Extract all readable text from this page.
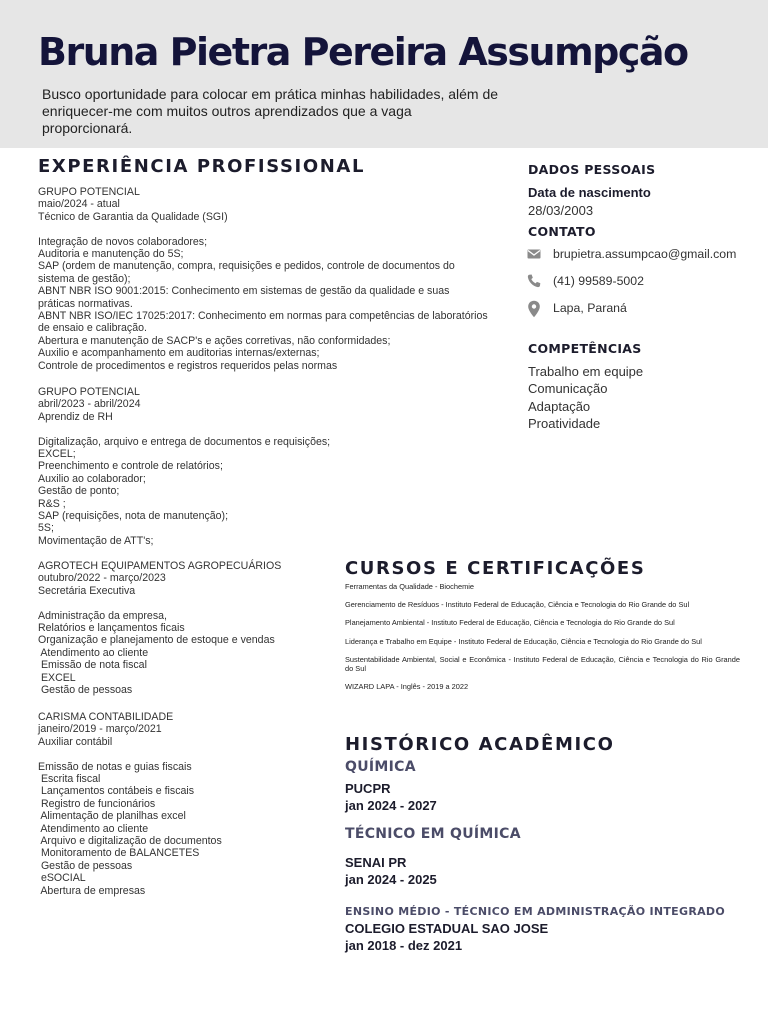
Bruna Pietra Pereira Assumpção
Busco oportunidade para colocar em prática minhas habilidades, além de enriquecer-me com muitos outros aprendizados que a vaga proporcionará.
EXPERIÊNCIA PROFISSIONAL
GRUPO POTENCIAL
maio/2024 - atual
Técnico de Garantia da Qualidade (SGI)
Integração de novos colaboradores;
Auditoria e manutenção do 5S;
SAP (ordem de manutenção, compra, requisições e pedidos, controle de documentos do sistema de gestão);
ABNT NBR ISO 9001:2015: Conhecimento em sistemas de gestão da qualidade e suas práticas normativas.
ABNT NBR ISO/IEC 17025:2017: Conhecimento em normas para competências de laboratórios de ensaio e calibração.
Abertura e manutenção de SACP's e ações corretivas, não conformidades;
Auxilio e acompanhamento em auditorias internas/externas;
Controle de procedimentos e registros requeridos pelas normas
GRUPO POTENCIAL
abril/2023 - abril/2024
Aprendiz de RH
Digitalização, arquivo e entrega de documentos e requisições;
EXCEL;
Preenchimento e controle de relatórios;
Auxilio ao colaborador;
Gestão de ponto;
R&S ;
SAP (requisições, nota de manutenção);
5S;
Movimentação de ATT's;
AGROTECH EQUIPAMENTOS AGROPECUÁRIOS
outubro/2022 - março/2023
Secretária Executiva
Administração da empresa,
Relatórios e lançamentos ficais
Organização e planejamento de estoque e vendas
Atendimento ao cliente
Emissão de nota fiscal
EXCEL
Gestão de pessoas
CARISMA CONTABILIDADE
janeiro/2019 - março/2021
Auxiliar contábil
Emissão de notas e guias fiscais
Escrita fiscal
Lançamentos contábeis e fiscais
Registro de funcionários
Alimentação de planilhas excel
Atendimento ao cliente
Arquivo e digitalização de documentos
Monitoramento de BALANCETES
Gestão de pessoas
eSOCIAL
Abertura de empresas
DADOS PESSOAIS
Data de nascimento
28/03/2003
CONTATO
brupietra.assumpcao@gmail.com
(41) 99589-5002
Lapa, Paraná
COMPETÊNCIAS
Trabalho em equipe
Comunicação
Adaptação
Proatividade
CURSOS E CERTIFICAÇÕES
Ferramentas da Qualidade - Biochemie
Gerenciamento de Resíduos - Instituto Federal de Educação, Ciência e Tecnologia do Rio Grande do Sul
Planejamento Ambiental - Instituto Federal de Educação, Ciência e Tecnologia do Rio Grande do Sul
Liderança e Trabalho em Equipe - Instituto Federal de Educação, Ciência e Tecnologia do Rio Grande do Sul
Sustentabilidade Ambiental, Social e Econômica - Instituto Federal de Educação, Ciência e Tecnologia do Rio Grande do Sul
WIZARD LAPA - Inglês - 2019 a 2022
HISTÓRICO ACADÊMICO
QUÍMICA
PUCPR
jan 2024 - 2027
TÉCNICO EM QUÍMICA
SENAI PR
jan 2024 - 2025
ENSINO MÉDIO - TÉCNICO EM ADMINISTRAÇÃO INTEGRADO
COLEGIO ESTADUAL SAO JOSE
jan 2018 - dez 2021
